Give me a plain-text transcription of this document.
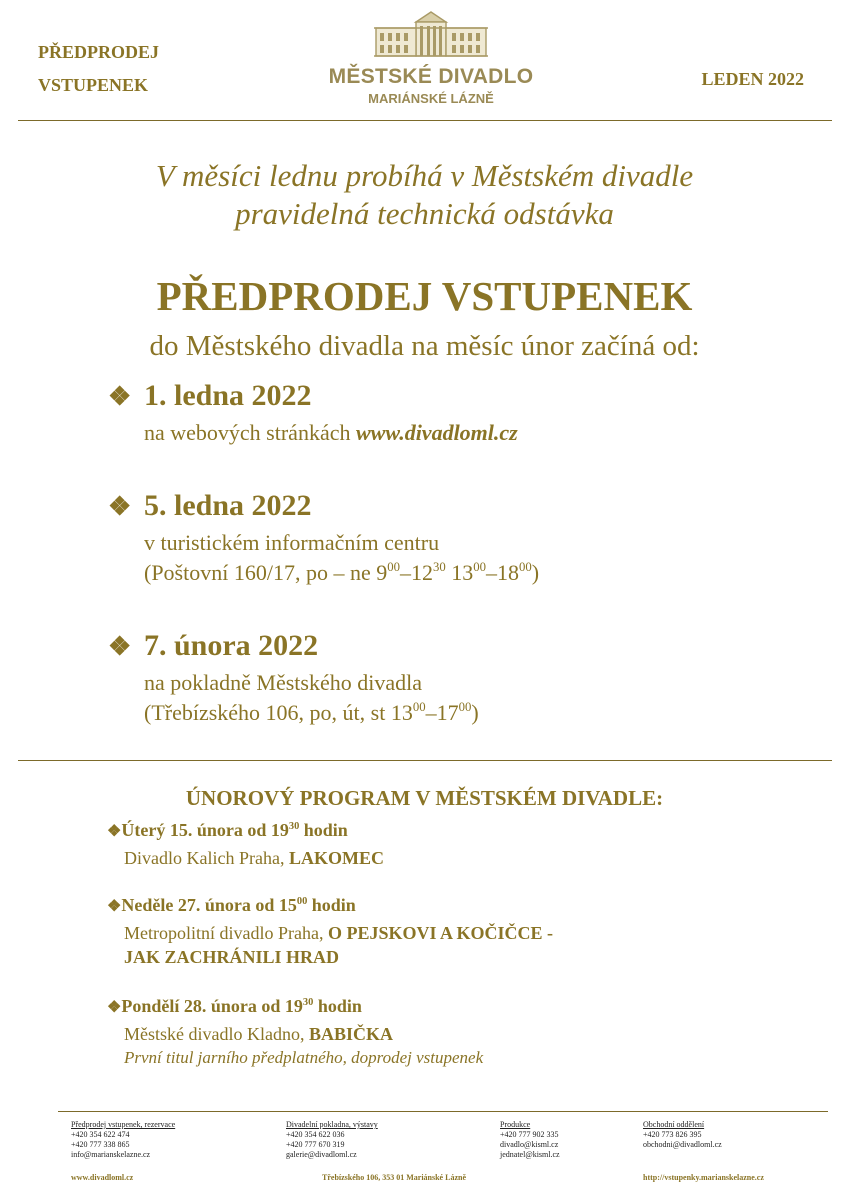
PŘEDPRODEJ
VSTUPENEK	MĚSTSKÉ DIVADLO
MARIÁNSKÉ LÁZNĚ
LEDEN 2022
V měsíci lednu probíhá v Městském divadle
pravidelná technická odstávka
PŘEDPRODEJ VSTUPENEK
do Městského divadla na měsíc únor začíná od:
❖ 1. ledna 2022
na webových stránkách www.divadloml.cz
❖ 5. ledna 2022
v turistickém informačním centru
(Poštovní 160/17, po – ne $9^{00}-12^{30}$ $13^{00}-18^{00}$)
❖ 7. února 2022
na pokladně Městského divadla
(Třebízského 106, po, út, st $13^{00}-17^{00}$)
ÚNOROVÝ PROGRAM V MĚSTSKÉM DIVADLE:
❖Úterý 15. února od $19^{30}$ hodin
Divadlo Kalich Praha, LAKOMEC
❖Neděle 27. února od $15^{00}$ hodin
Metropolitní divadlo Praha, O PEJSKOVI A KOČIČCE -
JAK ZACHRÁNILI HRAD
❖Pondělí 28. února od $19^{30}$ hodin
Městské divadlo Kladno, BABIČKA
První titul jarního předplatného, doprodej vstupenek
Předprodej vstupenek, rezervace
+420 354 622 474
+420 777 338 865
info@marianskelazne.cz
Divadelní pokladna, výstavy
+420 354 622 036
+420 777 670 319
galerie@divadloml.cz
Produkce
+420 777 902 335
divadlo@kisml.cz
jednatel@kisml.cz
Obchodní oddělení
+420 773 826 395
obchodni@divadloml.cz
www.divadloml.cz	Třebízského 106, 353 01 Mariánské Lázně	http://vstupenky.marianskelazne.cz
